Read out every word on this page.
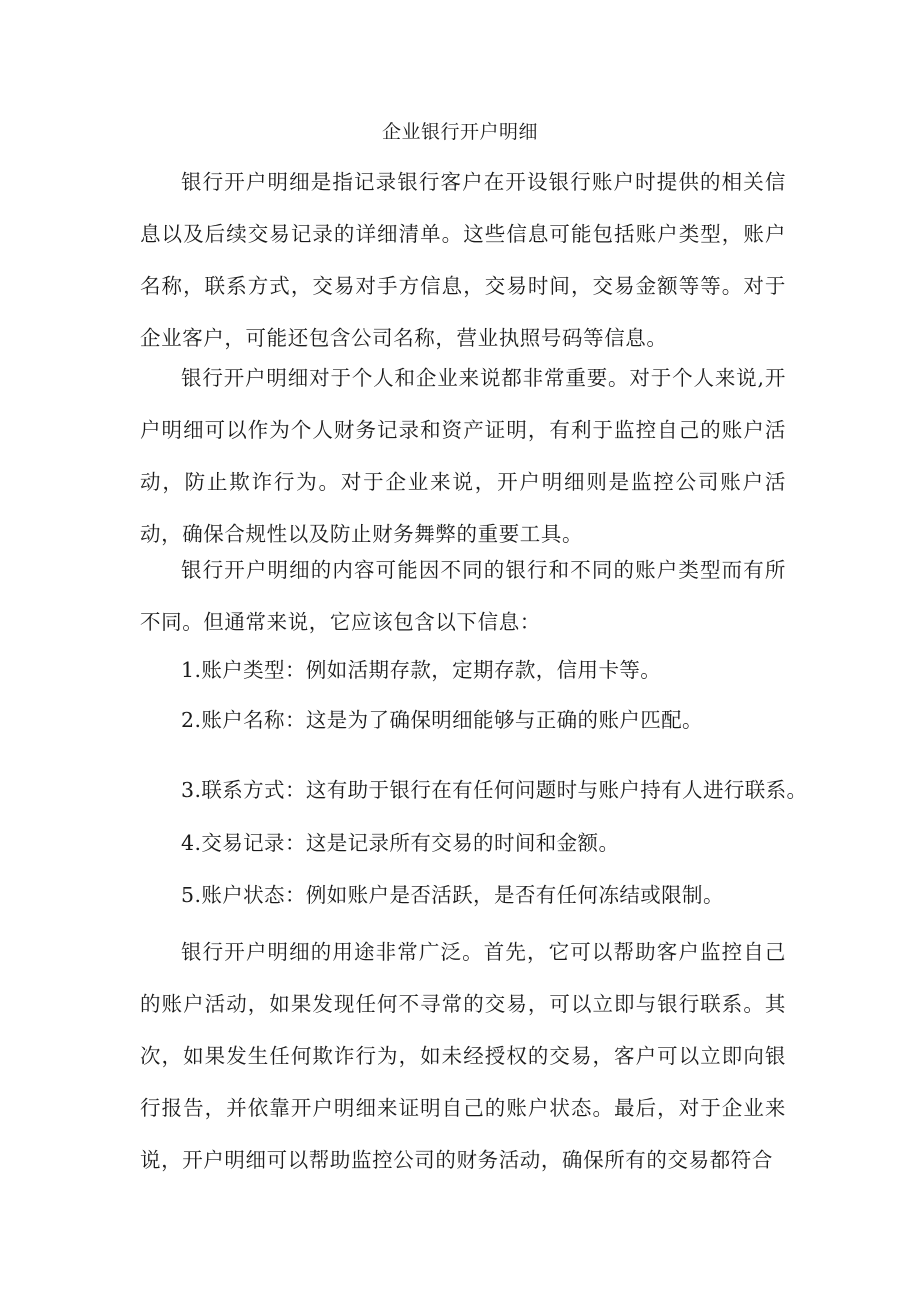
企业银行开户明细

银行开户明细是指记录银行客户在开设银行账户时提供的相关信息以及后续交易记录的详细清单。这些信息可能包括账户类型，账户名称，联系方式，交易对手方信息，交易时间，交易金额等等。对于企业客户，可能还包含公司名称，营业执照号码等信息。

银行开户明细对于个人和企业来说都非常重要。对于个人来说,开户明细可以作为个人财务记录和资产证明，有利于监控自己的账户活动，防止欺诈行为。对于企业来说，开户明细则是监控公司账户活动，确保合规性以及防止财务舞弊的重要工具。

银行开户明细的内容可能因不同的银行和不同的账户类型而有所不同。但通常来说，它应该包含以下信息：

1.账户类型：例如活期存款，定期存款，信用卡等。

2.账户名称：这是为了确保明细能够与正确的账户匹配。

3.联系方式：这有助于银行在有任何问题时与账户持有人进行联系。

4.交易记录：这是记录所有交易的时间和金额。

5.账户状态：例如账户是否活跃，是否有任何冻结或限制。

银行开户明细的用途非常广泛。首先，它可以帮助客户监控自己的账户活动，如果发现任何不寻常的交易，可以立即与银行联系。其次，如果发生任何欺诈行为，如未经授权的交易，客户可以立即向银行报告，并依靠开户明细来证明自己的账户状态。最后，对于企业来说，开户明细可以帮助监控公司的财务活动，确保所有的交易都符合
